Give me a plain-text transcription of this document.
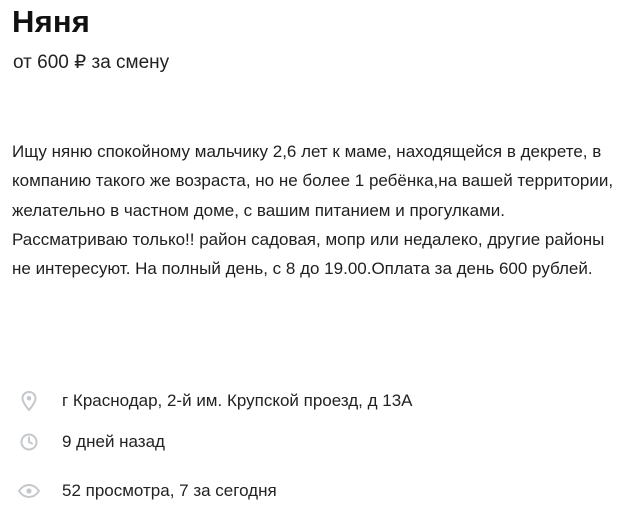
Няня
от 600 ₽ за смену

Ищу няню спокойному мальчику 2,6 лет к маме, находящейся в декрете, в компанию такого же возраста, но не более 1 ребёнка,на вашей территории, желательно в частном доме, с вашим питанием и прогулками. Рассматриваю только!! район садовая, мопр или недалеко, другие районы не интересуют. На полный день, с 8 до 19.00.Оплата за день 600 рублей.

г Краснодар, 2-й им. Крупской проезд, д 13А
9 дней назад
52 просмотра, 7 за сегодня
